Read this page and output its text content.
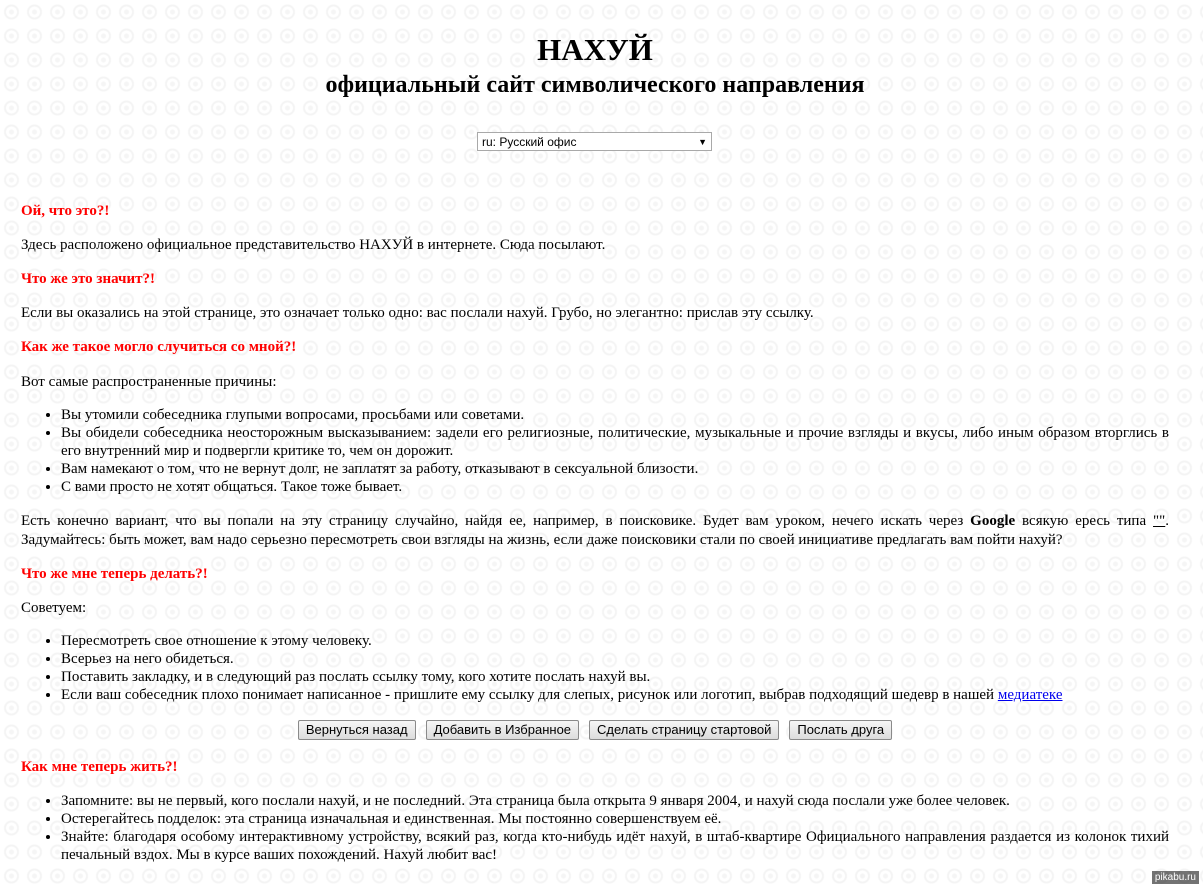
НАХУЙ
официальный сайт символического направления
ru: Русский офис	▼

Ой, что это?!

Здесь расположено официальное представительство НАХУЙ в интернете. Сюда посылают.

Что же это значит?!

Если вы оказались на этой странице, это означает только одно: вас послали нахуй. Грубо, но элегантно: прислав эту ссылку.

Как же такое могло случиться со мной?!

Вот самые распространенные причины:

• Вы утомили собеседника глупыми вопросами, просьбами или советами.
• Вы обидели собеседника неосторожным высказыванием: задели его религиозные, политические, музыкальные и прочие взгляды и вкусы, либо иным образом вторглись в его внутренний мир и подвергли критике то, чем он дорожит.
• Вам намекают о том, что не вернут долг, не заплатят за работу, отказывают в сексуальной близости.
• С вами просто не хотят общаться. Такое тоже бывает.

Есть конечно вариант, что вы попали на эту страницу случайно, найдя ее, например, в поисковике. Будет вам уроком, нечего искать через Google всякую ересь типа "". Задумайтесь: быть может, вам надо серьезно пересмотреть свои взгляды на жизнь, если даже поисковики стали по своей инициативе предлагать вам пойти нахуй?

Что же мне теперь делать?!

Советуем:

• Пересмотреть свое отношение к этому человеку.
• Всерьез на него обидеться.
• Поставить закладку, и в следующий раз послать ссылку тому, кого хотите послать нахуй вы.
• Если ваш собеседник плохо понимает написанное - пришлите ему ссылку для слепых, рисунок или логотип, выбрав подходящий шедевр в нашей медиатеке
Вернуться назад Добавить в Избранное Сделать страницу стартовой Послать друга

Как мне теперь жить?!

• Запомните: вы не первый, кого послали нахуй, и не последний. Эта страница была открыта 9 января 2004, и нахуй сюда послали уже более человек.
• Остерегайтесь подделок: эта страница изначальная и единственная. Мы постоянно совершенствуем её.
• Знайте: благодаря особому интерактивному устройству, всякий раз, когда кто-нибудь идёт нахуй, в штаб-квартире Официального направления раздается из колонок тихий печальный вздох. Мы в курсе ваших похождений. Нахуй любит вас!
pikabu.ru
